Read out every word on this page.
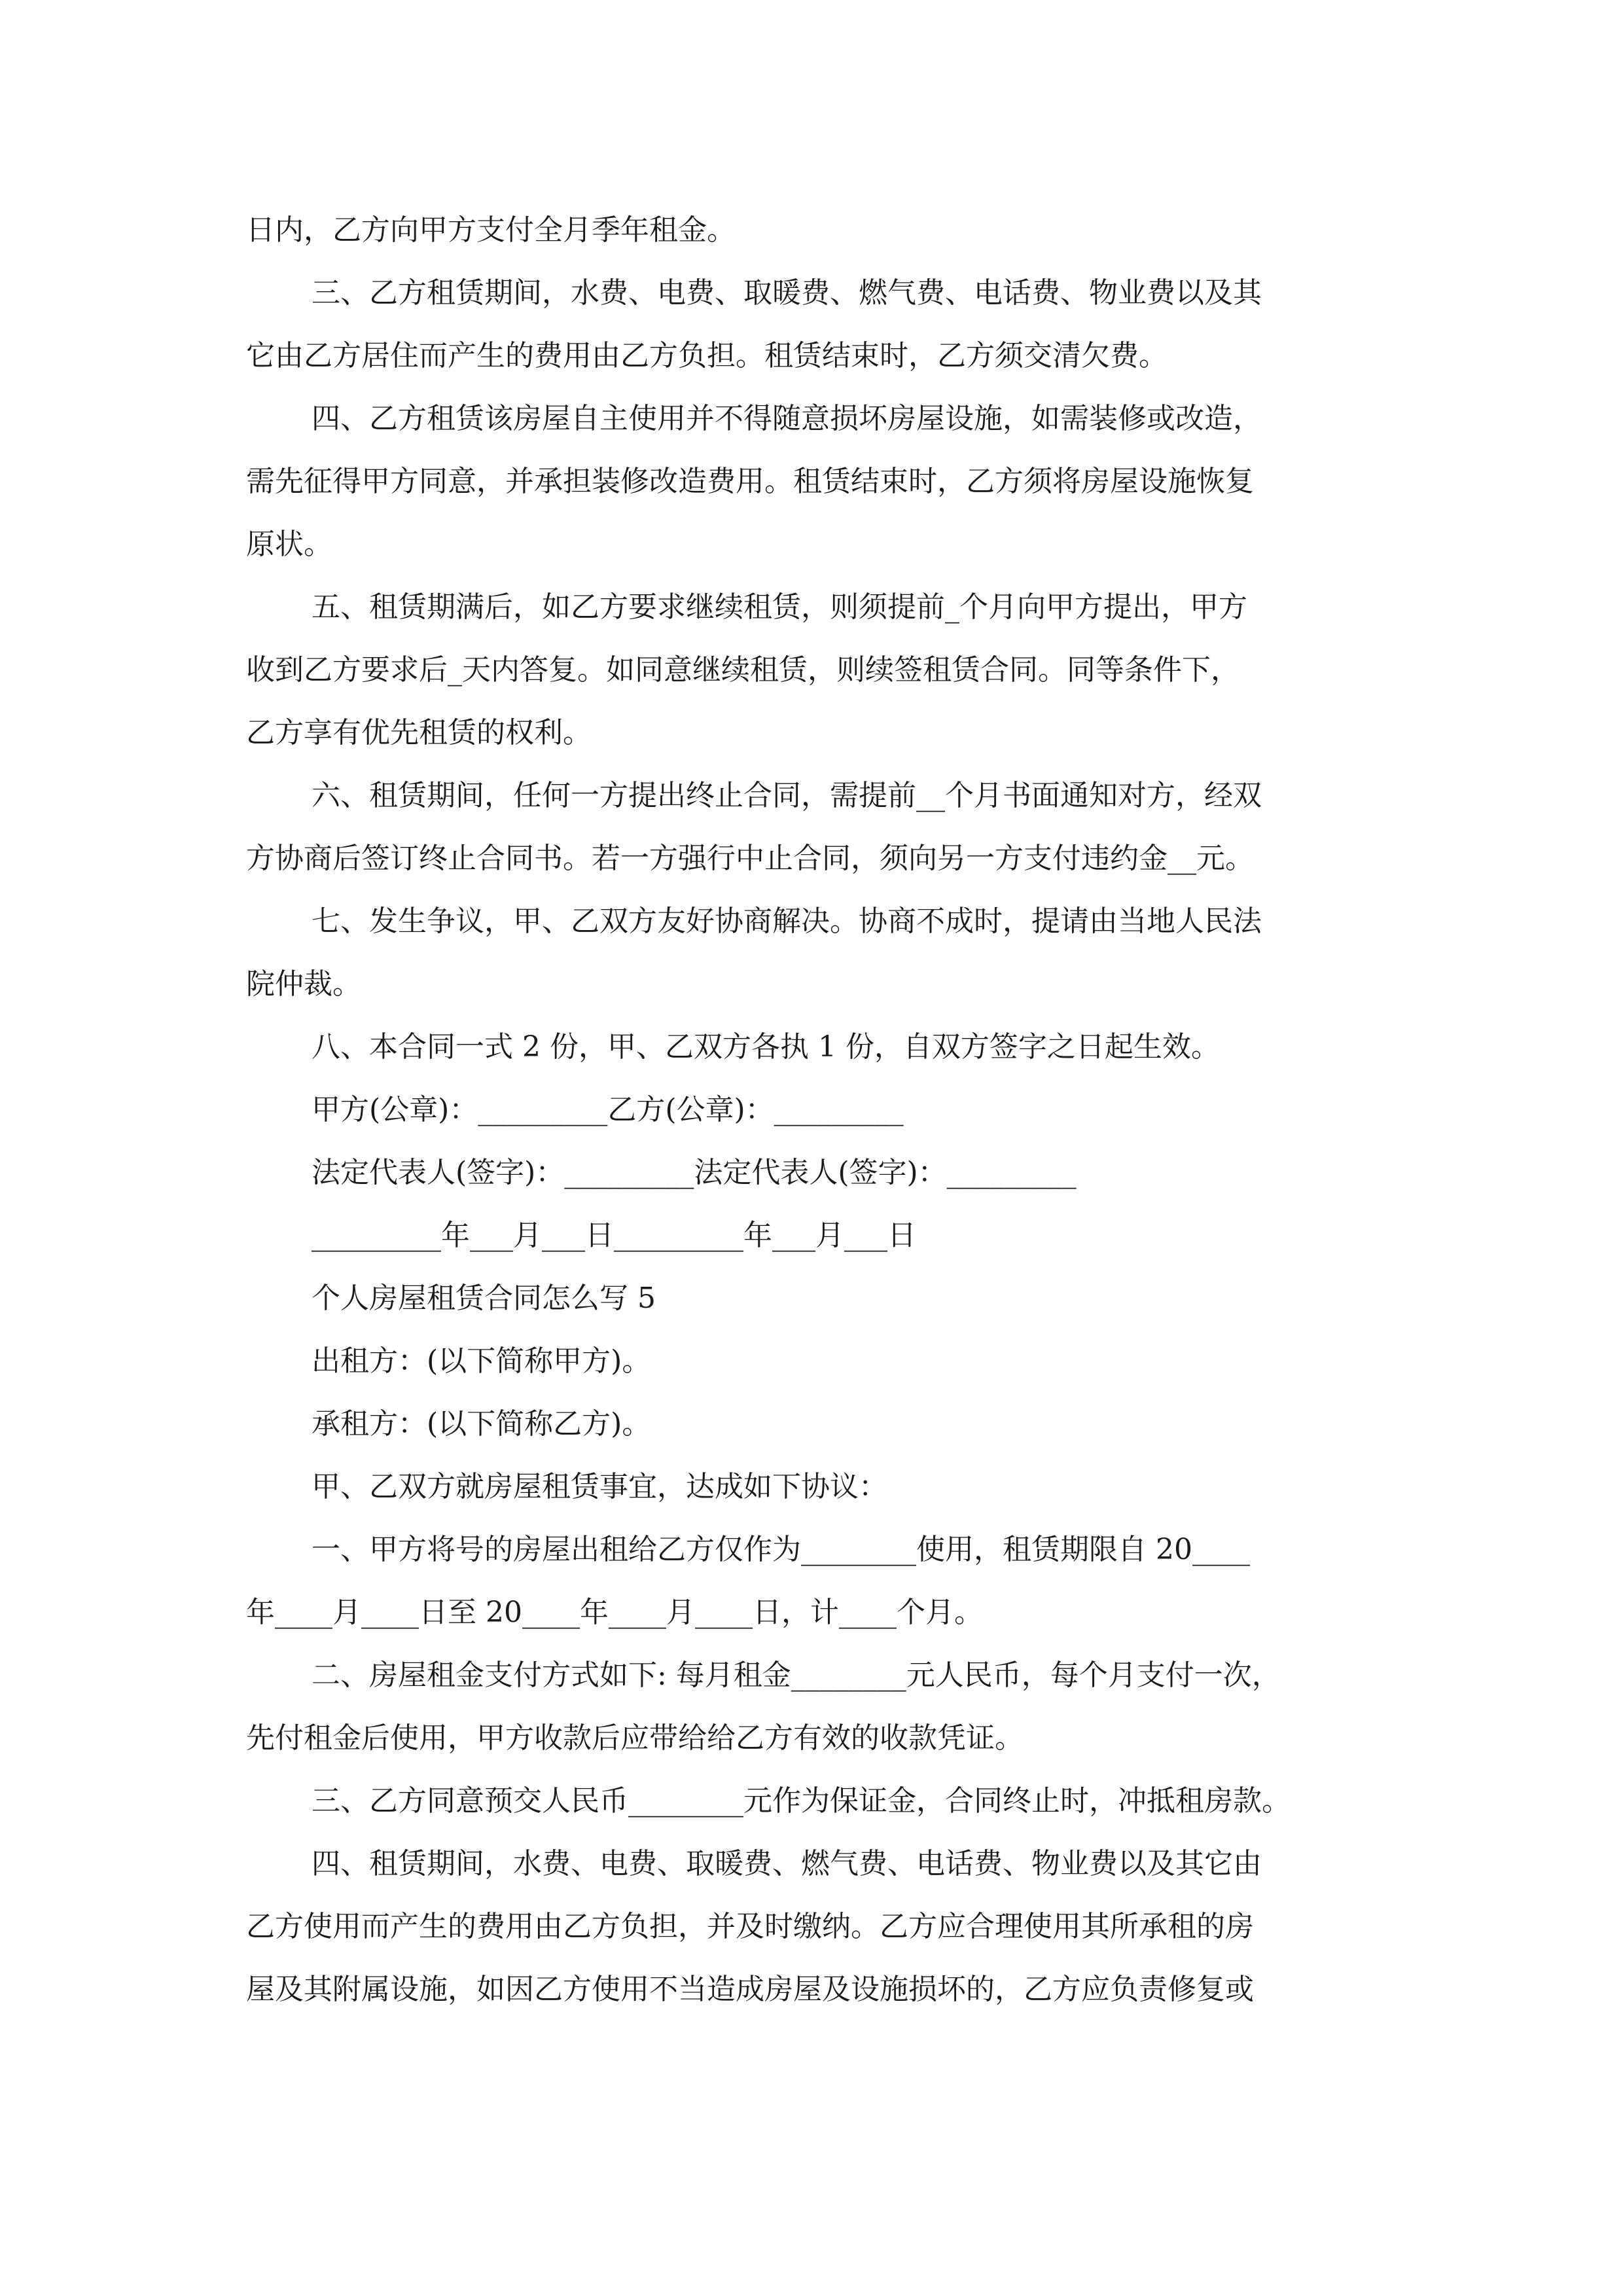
日内，乙方向甲方支付全月季年租金。
三、乙方租赁期间，水费、电费、取暖费、燃气费、电话费、物业费以及其
它由乙方居住而产生的费用由乙方负担。租赁结束时，乙方须交清欠费。
四、乙方租赁该房屋自主使用并不得随意损坏房屋设施，如需装修或改造，
需先征得甲方同意，并承担装修改造费用。租赁结束时，乙方须将房屋设施恢复
原状。
五、租赁期满后，如乙方要求继续租赁，则须提前_个月向甲方提出，甲方
收到乙方要求后_天内答复。如同意继续租赁，则续签租赁合同。同等条件下，
乙方享有优先租赁的权利。
六、租赁期间，任何一方提出终止合同，需提前__个月书面通知对方，经双
方协商后签订终止合同书。若一方强行中止合同，须向另一方支付违约金__元。
七、发生争议，甲、乙双方友好协商解决。协商不成时，提请由当地人民法
院仲裁。
八、本合同一式 2 份，甲、乙双方各执 1 份，自双方签字之日起生效。
甲方(公章)：_________乙方(公章)：_________
法定代表人(签字)：_________法定代表人(签字)：_________
_________年___月___日_________年___月___日
个人房屋租赁合同怎么写 5
出租方：(以下简称甲方)。
承租方：(以下简称乙方)。
甲、乙双方就房屋租赁事宜，达成如下协议：
一、甲方将号的房屋出租给乙方仅作为________使用，租赁期限自 20____
年____月____日至 20____年____月____日，计____个月。
二、房屋租金支付方式如下: 每月租金________元人民币，每个月支付一次，
先付租金后使用，甲方收款后应带给给乙方有效的收款凭证。
三、乙方同意预交人民币________元作为保证金，合同终止时，冲抵租房款。
四、租赁期间，水费、电费、取暖费、燃气费、电话费、物业费以及其它由
乙方使用而产生的费用由乙方负担，并及时缴纳。乙方应合理使用其所承租的房
屋及其附属设施，如因乙方使用不当造成房屋及设施损坏的，乙方应负责修复或
